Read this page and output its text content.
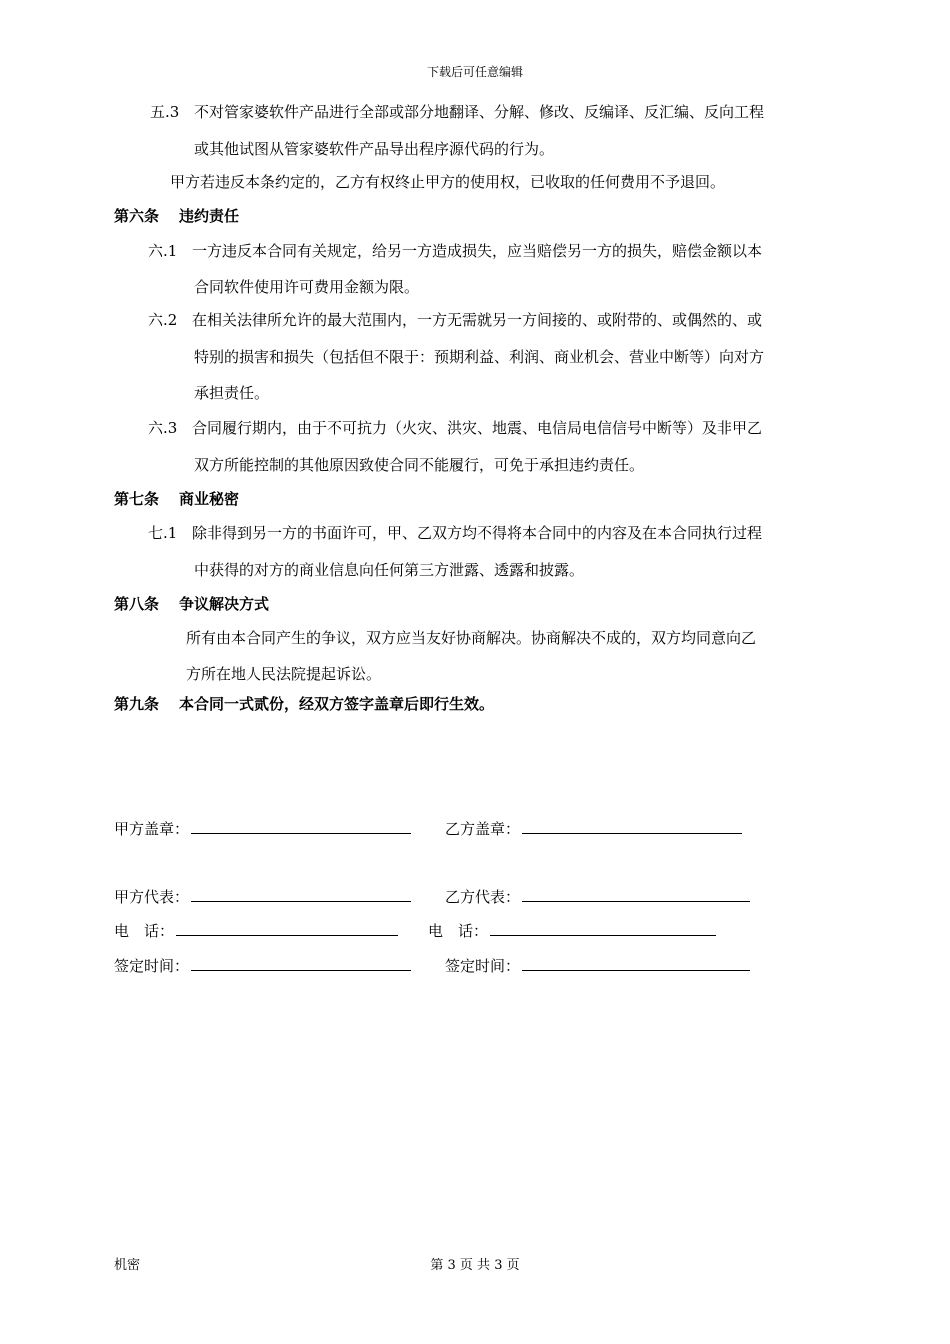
下载后可任意编辑
五.3 不对管家婆软件产品进行全部或部分地翻译、分解、修改、反编译、反汇编、反向工程
或其他试图从管家婆软件产品导出程序源代码的行为。
甲方若违反本条约定的，乙方有权终止甲方的使用权，已收取的任何费用不予退回。
第六条 违约责任
六.1 一方违反本合同有关规定，给另一方造成损失，应当赔偿另一方的损失，赔偿金额以本
合同软件使用许可费用金额为限。
六.2 在相关法律所允许的最大范围内，一方无需就另一方间接的、或附带的、或偶然的、或
特别的损害和损失（包括但不限于：预期利益、利润、商业机会、营业中断等）向对方
承担责任。
六.3 合同履行期内，由于不可抗力（火灾、洪灾、地震、电信局电信信号中断等）及非甲乙
双方所能控制的其他原因致使合同不能履行，可免于承担违约责任。
第七条 商业秘密
七.1 除非得到另一方的书面许可，甲、乙双方均不得将本合同中的内容及在本合同执行过程
中获得的对方的商业信息向任何第三方泄露、透露和披露。
第八条 争议解决方式
所有由本合同产生的争议，双方应当友好协商解决。协商解决不成的，双方均同意向乙
方所在地人民法院提起诉讼。
第九条 本合同一式贰份，经双方签字盖章后即行生效。
甲方盖章：	乙方盖章：
甲方代表：	乙方代表：
电　话：	电　话：
签定时间：	签定时间：
机密	第 3 页 共 3 页
